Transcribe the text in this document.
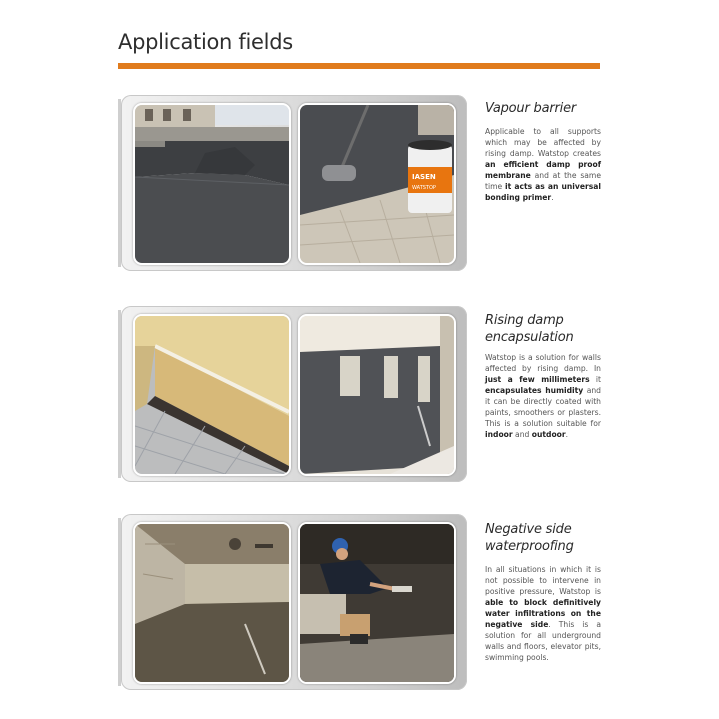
Application fields
IASEN
WATSTOP
Vapour barrier

Applicable to all supports which may be affected by rising damp. Watstop creates an efficient damp proof membrane and at the same time it acts as an universal bonding primer.

Rising damp encapsulation

Watstop is a solution for walls affected by rising damp. In just a few millimeters it encapsulates humidity and it can be directly coated with paints, smoothers or plasters. This is a solution suitable for indoor and outdoor.

Negative side waterproofing

In all situations in which it is not possible to intervene in positive pressure, Watstop is able to block definitively water infiltrations on the negative side. This is a solution for all underground walls and floors, elevator pits, swimming pools.
